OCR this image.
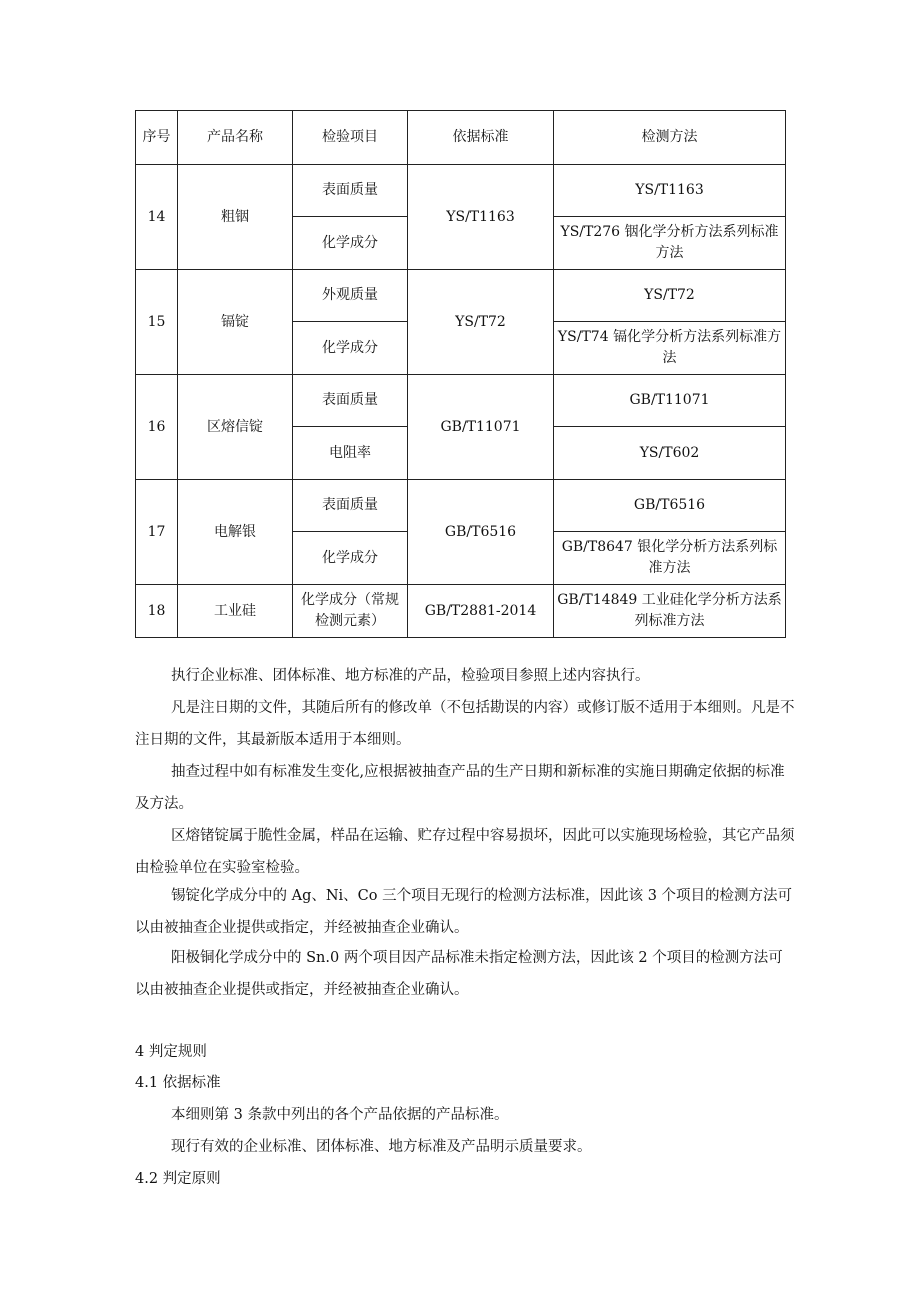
序号	产品名称	检验项目	依据标准	检测方法
14	粗铟	表面质量	YS/T1163	YS/T1163
		化学成分		YS/T276 铟化学分析方法系列标准方法
15	镉锭	外观质量	YS/T72	YS/T72
		化学成分		YS/T74 镉化学分析方法系列标准方法
16	区熔信锭	表面质量	GB/T11071	GB/T11071
		电阻率		YS/T602
17	电解银	表面质量	GB/T6516	GB/T6516
		化学成分		GB/T8647 银化学分析方法系列标准方法
18	工业硅	化学成分（常规检测元素）	GB/T2881-2014	GB/T14849 工业硅化学分析方法系列标准方法

执行企业标准、团体标准、地方标准的产品，检验项目参照上述内容执行。

凡是注日期的文件，其随后所有的修改单（不包括勘误的内容）或修订版不适用于本细则。凡是不注日期的文件，其最新版本适用于本细则。

抽查过程中如有标准发生变化,应根据被抽查产品的生产日期和新标准的实施日期确定依据的标准及方法。

区熔锗锭属于脆性金属，样品在运输、贮存过程中容易损坏，因此可以实施现场检验，其它产品须由检验单位在实验室检验。

锡锭化学成分中的 Ag、Ni、Co 三个项目无现行的检测方法标准，因此该 3 个项目的检测方法可以由被抽查企业提供或指定，并经被抽查企业确认。

阳极铜化学成分中的 Sn.0 两个项目因产品标准未指定检测方法，因此该 2 个项目的检测方法可以由被抽查企业提供或指定，并经被抽查企业确认。

4 判定规则

4.1 依据标准

本细则第 3 条款中列出的各个产品依据的产品标准。

现行有效的企业标准、团体标准、地方标准及产品明示质量要求。

4.2 判定原则
